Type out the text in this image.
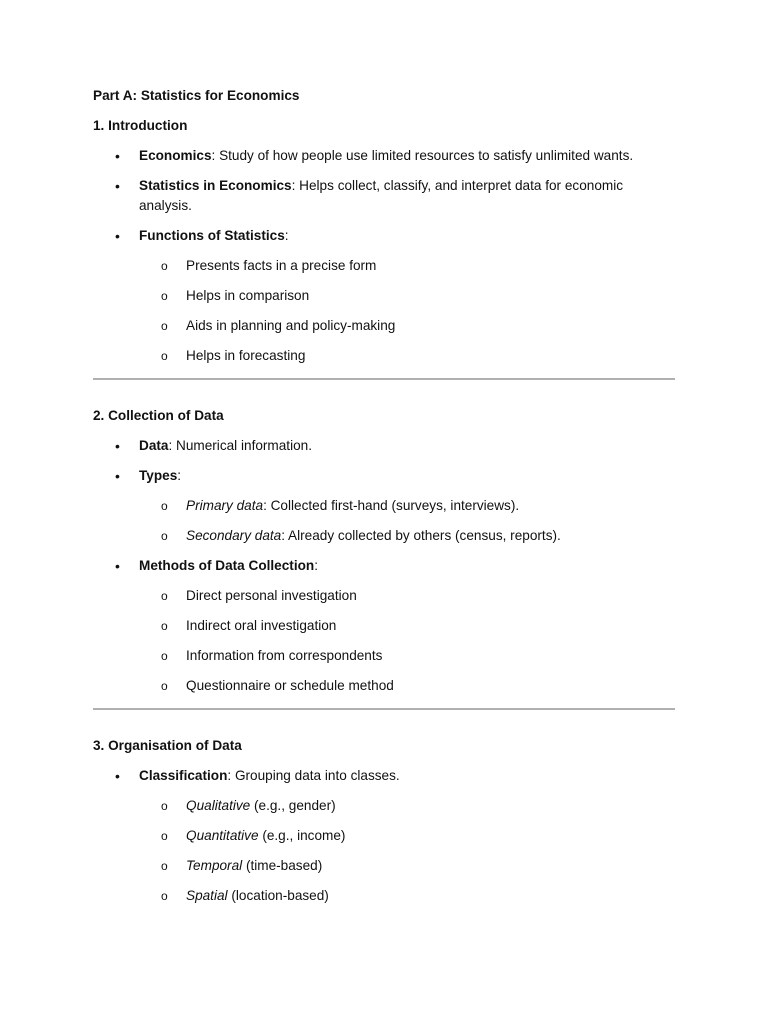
Part A: Statistics for Economics

1. Introduction

• Economics: Study of how people use limited resources to satisfy unlimited wants.
• Statistics in Economics: Helps collect, classify, and interpret data for economic analysis.
• Functions of Statistics:
o Presents facts in a precise form
o Helps in comparison
o Aids in planning and policy-making
o Helps in forecasting

2. Collection of Data

• Data: Numerical information.
• Types:
o Primary data: Collected first-hand (surveys, interviews).
o Secondary data: Already collected by others (census, reports).
• Methods of Data Collection:
o Direct personal investigation
o Indirect oral investigation
o Information from correspondents
o Questionnaire or schedule method

3. Organisation of Data

• Classification: Grouping data into classes.
o Qualitative (e.g., gender)
o Quantitative (e.g., income)
o Temporal (time-based)
o Spatial (location-based)
